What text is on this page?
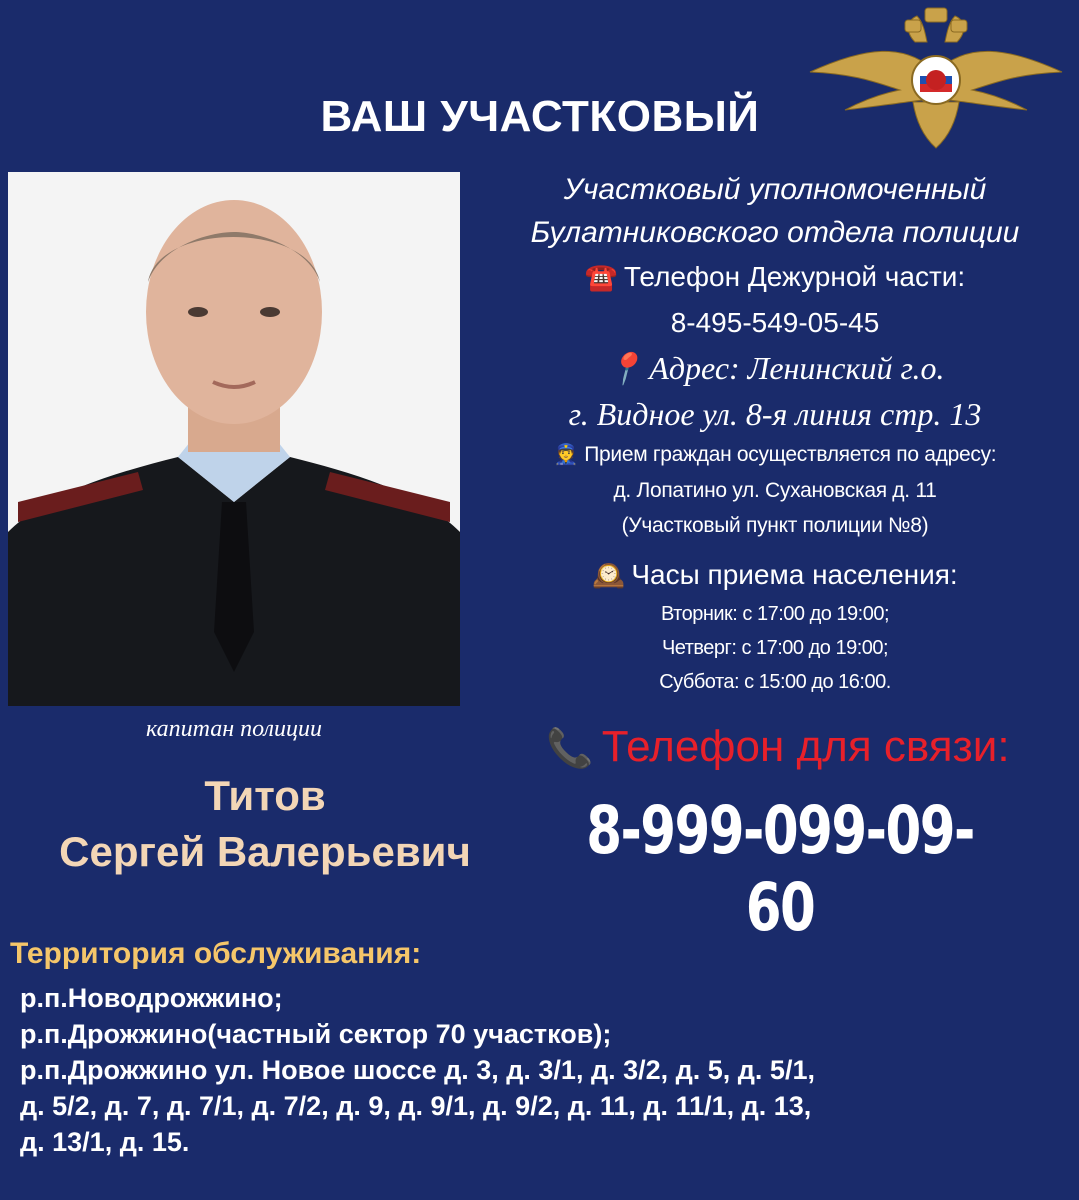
ВАШ УЧАСТКОВЫЙ
капитан полиции
Титов
Сергей Валерьевич
Участковый уполномоченный
Булатниковского отдела полиции
☎️ Телефон Дежурной части:
8-495-549-05-45
📍 Адрес: Ленинский г.о.
г. Видное ул. 8-я линия стр. 13
👮 Прием граждан осуществляется по адресу:
д. Лопатино ул. Сухановская д. 11
(Участковый пункт полиции №8)
🕰️ Часы приема населения:
Вторник: с 17:00 до 19:00;
Четверг: с 17:00 до 19:00;
Суббота: с 15:00 до 16:00.
📞 Телефон для связи:
8-999-099-09-60
Территория обслуживания:
р.п.Новодрожжино;
р.п.Дрожжино(частный сектор 70 участков);
р.п.Дрожжино ул. Новое шоссе д. 3, д. 3/1, д. 3/2, д. 5, д. 5/1,
д. 5/2, д. 7, д. 7/1, д. 7/2, д. 9, д. 9/1, д. 9/2, д. 11, д. 11/1, д. 13,
д. 13/1, д. 15.
